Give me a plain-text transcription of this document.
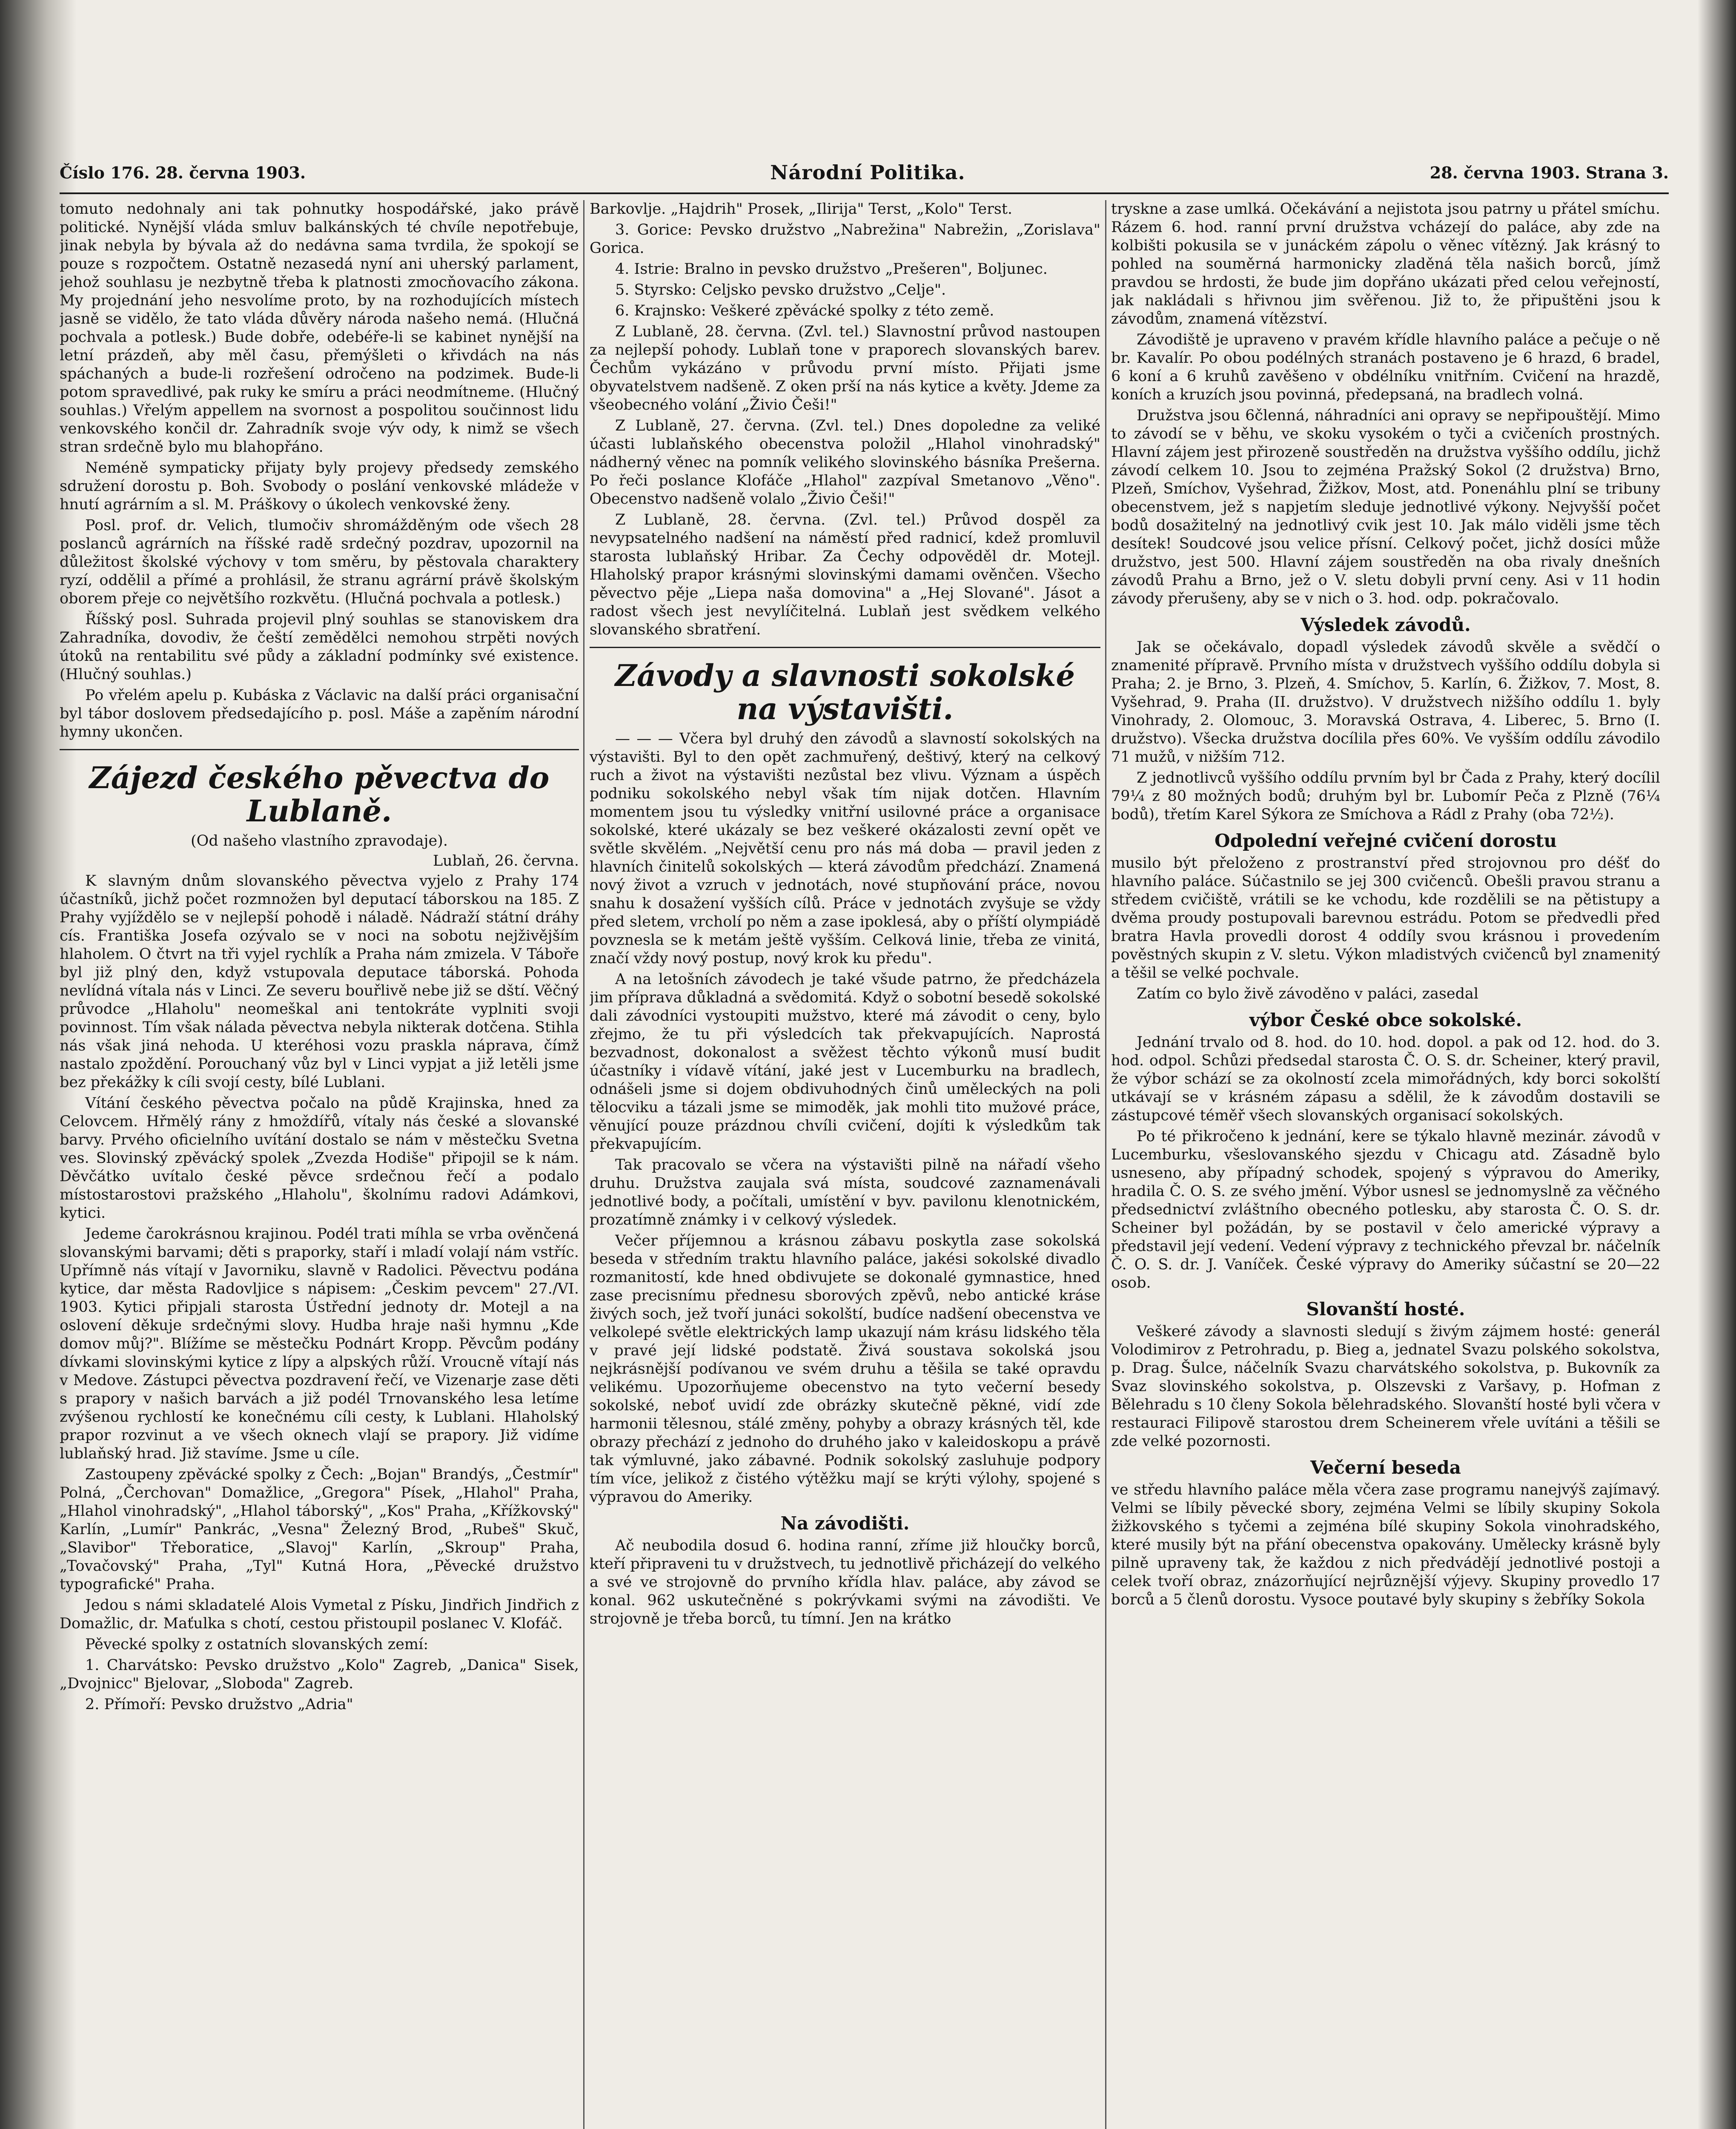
Číslo 176. 28. června 1903.	Národní Politika.	28. června 1903. Strana 3.

tomuto nedohnaly ani tak pohnutky hospodářské, jako právě politické. Nynější vláda smluv balkánských té chvíle nepotřebuje, jinak nebyla by bývala až do nedávna sama tvrdila, že spokojí se pouze s rozpočtem. Ostatně nezasedá nyní ani uherský parlament, jehož souhlasu je nezbytně třeba k platnosti zmocňovacího zákona. My projednání jeho nesvolíme proto, by na rozhodujících místech jasně se vidělo, že tato vláda důvěry národa našeho nemá. (Hlučná pochvala a potlesk.) Bude dobře, odebéře-li se kabinet nynější na letní prázdeň, aby měl času, přemýšleti o křivdách na nás spáchaných a bude-li rozřešení odročeno na podzimek. Bude-li potom spravedlivé, pak ruky ke smíru a práci neodmítneme. (Hlučný souhlas.) Vřelým appellem na svornost a pospolitou součinnost lidu venkovského končil dr. Zahradník svoje výv ody, k nimž se všech stran srdečně bylo mu blahopřáno.

Neméně sympaticky přijaty byly projevy předsedy zemského sdružení dorostu p. Boh. Svobody o poslání venkovské mládeže v hnutí agrárním a sl. M. Práškovy o úkolech venkovské ženy.

Posl. prof. dr. Velich, tlumočiv shromážděným ode všech 28 poslanců agrárních na říšské radě srdečný pozdrav, upozornil na důležitost školské výchovy v tom směru, by pěstovala charaktery ryzí, oddělil a přímé a prohlásil, že stranu agrární právě školským oborem přeje co největšího rozkvětu. (Hlučná pochvala a potlesk.)

Říšský posl. Suhrada projevil plný souhlas se stanoviskem dra Zahradníka, dovodiv, že čeští zemědělci nemohou strpěti nových útoků na rentabilitu své půdy a základní podmínky své existence. (Hlučný souhlas.)

Po vřelém apelu p. Kubáska z Václavic na další práci organisační byl tábor doslovem předsedajícího p. posl. Máše a zapěním národní hymny ukončen.

Zájezd českého pěvectva do Lublaně.
(Od našeho vlastního zpravodaje).
Lublaň, 26. června.

K slavným dnům slovanského pěvectva vyjelo z Prahy 174 účastníků, jichž počet rozmnožen byl deputací táborskou na 185. Z Prahy vyjíždělo se v nejlepší pohodě i náladě. Nádraží státní dráhy cís. Františka Josefa ozývalo se v noci na sobotu nejživějším hlaholem. O čtvrt na tři vyjel rychlík a Praha nám zmizela. V Táboře byl již plný den, když vstupovala deputace táborská. Pohoda nevlídná vítala nás v Linci. Ze severu bouřlivě nebe již se dští. Věčný průvodce „Hlaholu" neomeškal ani tentokráte vyplniti svoji povinnost. Tím však nálada pěvectva nebyla nikterak dotčena. Stihla nás však jiná nehoda. U kteréhosi vozu praskla náprava, čímž nastalo zpoždění. Porouchaný vůz byl v Linci vypjat a již letěli jsme bez překážky k cíli svojí cesty, bílé Lublani.

Vítání českého pěvectva počalo na půdě Krajinska, hned za Celovcem. Hřmělý rány z hmoždířů, vítaly nás české a slovanské barvy. Prvého oficielního uvítání dostalo se nám v městečku Svetna ves. Slovinský zpěvácký spolek „Zvezda Hodiše" připojil se k nám. Děvčátko uvítalo české pěvce srdečnou řečí a podalo místostarostovi pražského „Hlaholu", školnímu radovi Adámkovi, kytici.

Jedeme čarokrásnou krajinou. Podél trati míhla se vrba ověnčená slovanskými barvami; děti s praporky, staří i mladí volají nám vstříc. Upřímně nás vítají v Javorniku, slavně v Radolici. Pěvectvu podána kytice, dar města Radovljice s nápisem: „Českim pevcem" 27./VI. 1903. Kytici připjali starosta Ústřední jednoty dr. Motejl a na oslovení děkuje srdečnými slovy. Hudba hraje naši hymnu „Kde domov můj?". Blížíme se městečku Podnárt Kropp. Pěvcům podány dívkami slovinskými kytice z lípy a alpských růží. Vroucně vítají nás v Medove. Zástupci pěvectva pozdravení řečí, ve Vizenarje zase děti s prapory v našich barvách a již podél Trnovanského lesa letíme zvýšenou rychlostí ke konečnému cíli cesty, k Lublani. Hlaholský prapor rozvinut a ve všech oknech vlají se prapory. Již vidíme lublaňský hrad. Již stavíme. Jsme u cíle.

Zastoupeny zpěvácké spolky z Čech: „Bojan" Brandýs, „Čestmír" Polná, „Čerchovan" Domažlice, „Gregora" Písek, „Hlahol" Praha, „Hlahol vinohradský", „Hlahol táborský", „Kos" Praha, „Křížkovský" Karlín, „Lumír" Pankrác, „Vesna" Železný Brod, „Rubeš" Skuč, „Slavibor" Třeboratice, „Slavoj" Karlín, „Skroup" Praha, „Tovačovský" Praha, „Tyl" Kutná Hora, „Pěvecké družstvo typografické" Praha.

Jedou s námi skladatelé Alois Vymetal z Písku, Jindřich Jindřich z Domažlic, dr. Maťulka s chotí, cestou přistoupil poslanec V. Klofáč.

Pěvecké spolky z ostatních slovanských zemí:

1. Charvátsko: Pevsko družstvo „Kolo" Zagreb, „Danica" Sisek, „Dvojnicc" Bjelovar, „Sloboda" Zagreb.

2. Přímoří: Pevsko družstvo „Adria"

Barkovlje. „Hajdrih" Prosek, „Ilirija" Terst, „Kolo" Terst.

3. Gorice: Pevsko družstvo „Nabrežina" Nabrežin, „Zorislava" Gorica.

4. Istrie: Bralno in pevsko družstvo „Prešeren", Boljunec.

5. Styrsko: Celjsko pevsko družstvo „Celje".

6. Krajnsko: Veškeré zpěvácké spolky z této země.

Z Lublaně, 28. června. (Zvl. tel.) Slavnostní průvod nastoupen za nejlepší pohody. Lublaň tone v praporech slovanských barev. Čechům vykázáno v průvodu první místo. Přijati jsme obyvatelstvem nadšeně. Z oken prší na nás kytice a květy. Jdeme za všeobecného volání „Živio Češi!"

Z Lublaně, 27. června. (Zvl. tel.) Dnes dopoledne za veliké účasti lublaňského obecenstva položil „Hlahol vinohradský" nádherný věnec na pomník velikého slovinského básníka Prešerna. Po řeči poslance Klofáče „Hlahol" zazpíval Smetanovo „Věno". Obecenstvo nadšeně volalo „Živio Češi!"

Z Lublaně, 28. června. (Zvl. tel.) Průvod dospěl za nevypsatelného nadšení na náměstí před radnicí, kdež promluvil starosta lublaňský Hribar. Za Čechy odpověděl dr. Motejl. Hlaholský prapor krásnými slovinskými damami ověnčen. Všecho pěvectvo pěje „Liepa naša domovina" a „Hej Slované". Jásot a radost všech jest nevylíčitelná. Lublaň jest svědkem velkého slovanského sbratření.

Závody a slavnosti sokolské na výstavišti.

— — — Včera byl druhý den závodů a slavností sokolských na výstavišti. Byl to den opět zachmuřený, deštivý, který na celkový ruch a život na výstavišti nezůstal bez vlivu. Význam a úspěch podniku sokolského nebyl však tím nijak dotčen. Hlavním momentem jsou tu výsledky vnitřní usilovné práce a organisace sokolské, které ukázaly se bez veškeré okázalosti zevní opět ve světle skvělém. „Největší cenu pro nás má doba — pravil jeden z hlavních činitelů sokolských — která závodům předchází. Znamená nový život a vzruch v jednotách, nové stupňování práce, novou snahu k dosažení vyšších cílů. Práce v jednotách zvyšuje se vždy před sletem, vrcholí po něm a zase ipoklesá, aby o příští olympiádě povznesla se k metám ještě vyšším. Celková linie, třeba ze vinitá, značí vždy nový postup, nový krok ku předu".

A na letošních závodech je také všude patrno, že předcházela jim příprava důkladná a svědomitá. Když o sobotní besedě sokolské dali závodníci vystoupiti mužstvo, které má závodit o ceny, bylo zřejmo, že tu při výsledcích tak překvapujících. Naprostá bezvadnost, dokonalost a svěžest těchto výkonů musí budit účastníky i vídavě vítání, jaké jest v Lucemburku na bradlech, odnášeli jsme si dojem obdivuhodných činů uměleckých na poli tělocviku a tázali jsme se mimoděk, jak mohli tito mužové práce, věnující pouze prázdnou chvíli cvičení, dojíti k výsledkům tak překvapujícím.

Tak pracovalo se včera na výstavišti pilně na nářadí všeho druhu. Družstva zaujala svá místa, soudcové zaznamenávali jednotlivé body, a počítali, umístění v byv. pavilonu klenotnickém, prozatímně známky i v celkový výsledek.

Večer příjemnou a krásnou zábavu poskytla zase sokolská beseda v středním traktu hlavního paláce, jakési sokolské divadlo rozmanitostí, kde hned obdivujete se dokonalé gymnastice, hned zase precisnímu přednesu sborových zpěvů, nebo antické kráse živých soch, jež tvoří junáci sokolští, budíce nadšení obecenstva ve velkolepé světle elektrických lamp ukazují nám krásu lidského těla v pravé její lidské podstatě. Živá soustava sokolská jsou nejkrásnější podívanou ve svém druhu a těšila se také opravdu velikému. Upozorňujeme obecenstvo na tyto večerní besedy sokolské, neboť uvidí zde obrázky skutečně pěkné, vidí zde harmonii tělesnou, stálé změny, pohyby a obrazy krásných těl, kde obrazy přechází z jednoho do druhého jako v kaleidoskopu a právě tak výmluvné, jako zábavné. Podnik sokolský zasluhuje podpory tím více, jelikož z čistého výtěžku mají se krýti výlohy, spojené s výpravou do Ameriky.

Na závodišti.

Ač neubodila dosud 6. hodina ranní, zříme již hloučky borců, kteří připraveni tu v družstvech, tu jednotlivě přicházejí do velkého a své ve strojovně do prvního křídla hlav. paláce, aby závod se konal. 962 uskutečněné s pokrývkami svými na závodišti. Ve strojovně je třeba borců, tu tímní. Jen na krátko

tryskne a zase umlká. Očekávání a nejistota jsou patrny u přátel smíchu. Rázem 6. hod. ranní první družstva vcházejí do paláce, aby zde na kolbišti pokusila se v junáckém zápolu o věnec vítězný. Jak krásný to pohled na souměrná harmonicky zladěná těla našich borců, jímž pravdou se hrdosti, že bude jim dopřáno ukázati před celou veřejností, jak nakládali s hřivnou jim svěřenou. Již to, že připuštěni jsou k závodům, znamená vítězství.

Závodiště je upraveno v pravém křídle hlavního paláce a pečuje o ně br. Kavalír. Po obou podélných stranách postaveno je 6 hrazd, 6 bradel, 6 koní a 6 kruhů zavěšeno v obdélníku vnitřním. Cvičení na hrazdě, koních a kruzích jsou povinná, předepsaná, na bradlech volná.

Družstva jsou 6členná, náhradníci ani opravy se nepřipouštějí. Mimo to závodí se v běhu, ve skoku vysokém o tyči a cvičeních prostných. Hlavní zájem jest přirozeně soustředěn na družstva vyššího oddílu, jichž závodí celkem 10. Jsou to zejména Pražský Sokol (2 družstva) Brno, Plzeň, Smíchov, Vyšehrad, Žižkov, Most, atd. Ponenáhlu plní se tribuny obecenstvem, jež s napjetím sleduje jednotlivé výkony. Nejvyšší počet bodů dosažitelný na jednotlivý cvik jest 10. Jak málo viděli jsme těch desítek! Soudcové jsou velice přísní. Celkový počet, jichž dosíci může družstvo, jest 500. Hlavní zájem soustředěn na oba rivaly dnešních závodů Prahu a Brno, jež o V. sletu dobyli první ceny. Asi v 11 hodin závody přerušeny, aby se v nich o 3. hod. odp. pokračovalo.

Výsledek závodů.

Jak se očekávalo, dopadl výsledek závodů skvěle a svědčí o znamenité přípravě. Prvního místa v družstvech vyššího oddílu dobyla si Praha; 2. je Brno, 3. Plzeň, 4. Smíchov, 5. Karlín, 6. Žižkov, 7. Most, 8. Vyšehrad, 9. Praha (II. družstvo). V družstvech nižšího oddílu 1. byly Vinohrady, 2. Olomouc, 3. Moravská Ostrava, 4. Liberec, 5. Brno (I. družstvo). Všecka družstva docílila přes 60%. Ve vyšším oddílu závodilo 71 mužů, v nižším 712.

Z jednotlivců vyššího oddílu prvním byl br Čada z Prahy, který docílil 79¼ z 80 možných bodů; druhým byl br. Lubomír Peča z Plzně (76¼ bodů), třetím Karel Sýkora ze Smíchova a Rádl z Prahy (oba 72½).

Odpolední veřejné cvičení dorostu

musilo být přeloženo z prostranství před strojovnou pro déšť do hlavního paláce. Súčastnilo se jej 300 cvičenců. Obešli pravou stranu a středem cvičiště, vrátili se ke vchodu, kde rozdělili se na pětistupy a dvěma proudy postupovali barevnou estrádu. Potom se předvedli před bratra Havla provedli dorost 4 oddíly svou krásnou i provedením pověstných skupin z V. sletu. Výkon mladistvých cvičenců byl znamenitý a těšil se velké pochvale.

Zatím co bylo živě závoděno v paláci, zasedal

výbor České obce sokolské.

Jednání trvalo od 8. hod. do 10. hod. dopol. a pak od 12. hod. do 3. hod. odpol. Schůzi předsedal starosta Č. O. S. dr. Scheiner, který pravil, že výbor schází se za okolností zcela mimořádných, kdy borci sokolští utkávají se v krásném zápasu a sdělil, že k závodům dostavili se zástupcové téměř všech slovanských organisací sokolských.

Po té přikročeno k jednání, kere se týkalo hlavně mezinár. závodů v Lucemburku, všeslovanského sjezdu v Chicagu atd. Zásadně bylo usneseno, aby případný schodek, spojený s výpravou do Ameriky, hradila Č. O. S. ze svého jmění. Výbor usnesl se jednomyslně za věčného předsednictví zvláštního obecného potlesku, aby starosta Č. O. S. dr. Scheiner byl požádán, by se postavil v čelo americké výpravy a představil její vedení. Vedení výpravy z technického převzal br. náčelník Č. O. S. dr. J. Vaníček. České výpravy do Ameriky súčastní se 20—22 osob.

Slovanští hosté.

Veškeré závody a slavnosti sledují s živým zájmem hosté: generál Volodimirov z Petrohradu, p. Bieg a, jednatel Svazu polského sokolstva, p. Drag. Šulce, náčelník Svazu charvátského sokolstva, p. Bukovník za Svaz slovinského sokolstva, p. Olszevski z Varšavy, p. Hofman z Bělehradu s 10 členy Sokola bělehradského. Slovanští hosté byli včera v restauraci Filipově starostou drem Scheinerem vřele uvítáni a těšili se zde velké pozornosti.

Večerní beseda

ve středu hlavního paláce měla včera zase programu nanejvýš zajímavý. Velmi se líbily pěvecké sbory, zejména Velmi se líbily skupiny Sokola žižkovského s tyčemi a zejména bílé skupiny Sokola vinohradského, které musily být na přání obecenstva opakovány. Umělecky krásně byly pilně upraveny tak, že každou z nich předvádějí jednotlivé postoji a celek tvoří obraz, znázorňující nejrůznější výjevy. Skupiny provedlo 17 borců a 5 členů dorostu. Vysoce poutavé byly skupiny s žebříky Sokola
